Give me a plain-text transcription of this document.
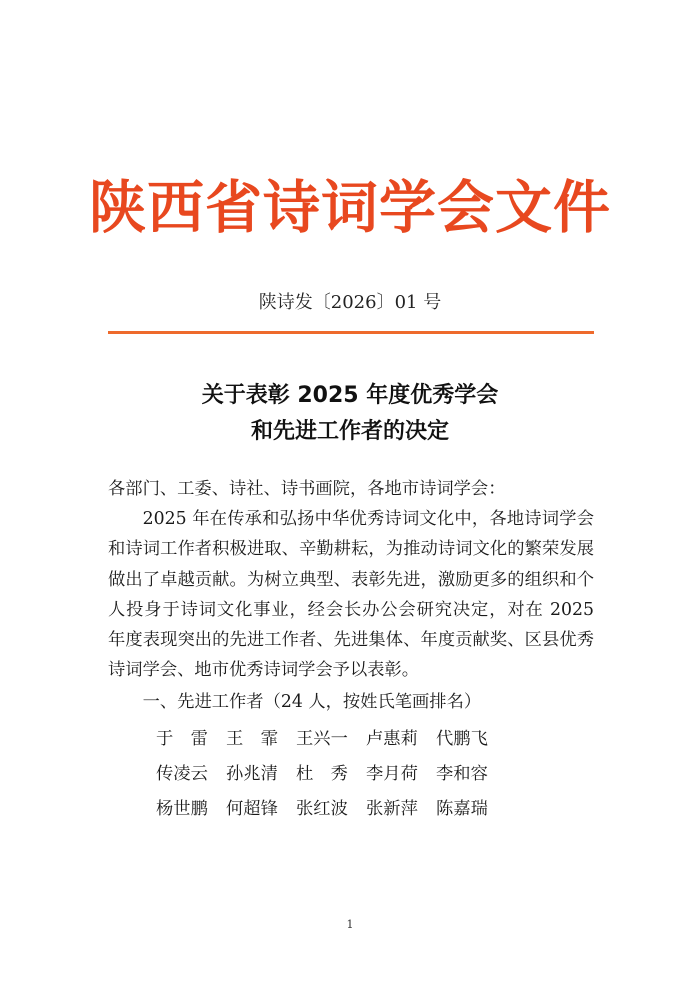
陕西省诗词学会文件
陕诗发〔2026〕01 号
关于表彰 2025 年度优秀学会
和先进工作者的决定

各部门、工委、诗社、诗书画院，各地市诗词学会：

2025 年在传承和弘扬中华优秀诗词文化中，各地诗词学会和诗词工作者积极进取、辛勤耕耘，为推动诗词文化的繁荣发展做出了卓越贡献。为树立典型、表彰先进，激励更多的组织和个人投身于诗词文化事业，经会长办公会研究决定，对在 2025 年度表现突出的先进工作者、先进集体、年度贡献奖、区县优秀诗词学会、地市优秀诗词学会予以表彰。

一、先进工作者（24 人，按姓氏笔画排名）

于　雷	王　霏	王兴一	卢惠莉	代鹏飞
传凌云	孙兆清	杜　秀	李月荷	李和容
杨世鹏	何超锋	张红波	张新萍	陈嘉瑞
1
